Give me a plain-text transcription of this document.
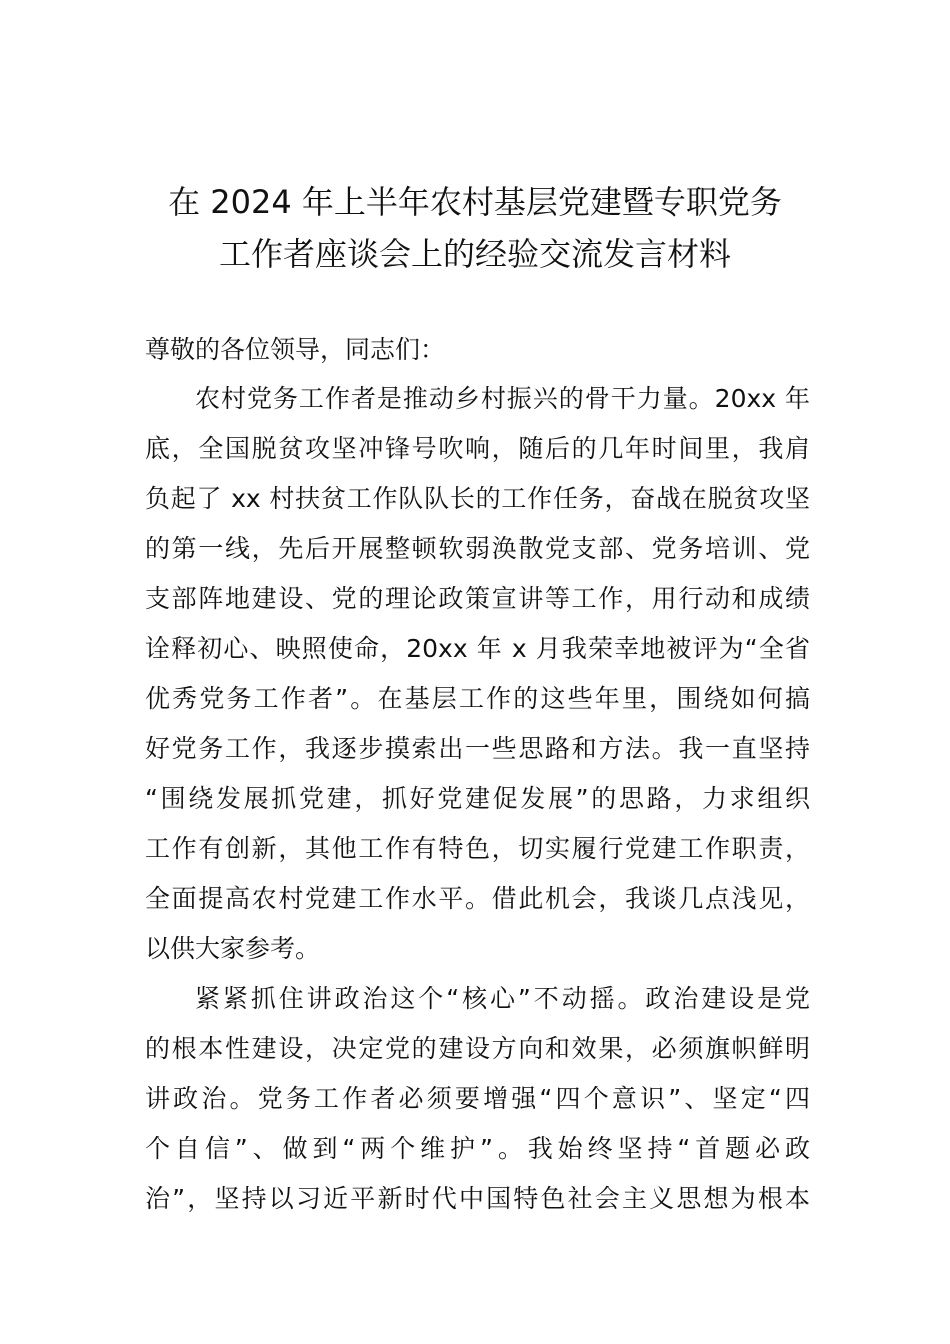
在 2024 年上半年农村基层党建暨专职党务
工作者座谈会上的经验交流发言材料
尊敬的各位领导，同志们：
农村党务工作者是推动乡村振兴的骨干力量。20xx 年
底，全国脱贫攻坚冲锋号吹响，随后的几年时间里，我肩
负起了 xx 村扶贫工作队队长的工作任务，奋战在脱贫攻坚
的第一线，先后开展整顿软弱涣散党支部、党务培训、党
支部阵地建设、党的理论政策宣讲等工作，用行动和成绩
诠释初心、映照使命，20xx 年 x 月我荣幸地被评为“全省
优秀党务工作者”。在基层工作的这些年里，围绕如何搞
好党务工作，我逐步摸索出一些思路和方法。我一直坚持
“围绕发展抓党建，抓好党建促发展”的思路，力求组织
工作有创新，其他工作有特色，切实履行党建工作职责，
全面提高农村党建工作水平。借此机会，我谈几点浅见，
以供大家参考。
紧紧抓住讲政治这个“核心”不动摇。政治建设是党
的根本性建设，决定党的建设方向和效果，必须旗帜鲜明
讲政治。党务工作者必须要增强“四个意识”、坚定“四
个自信”、做到“两个维护”。我始终坚持“首题必政
治”，坚持以习近平新时代中国特色社会主义思想为根本
